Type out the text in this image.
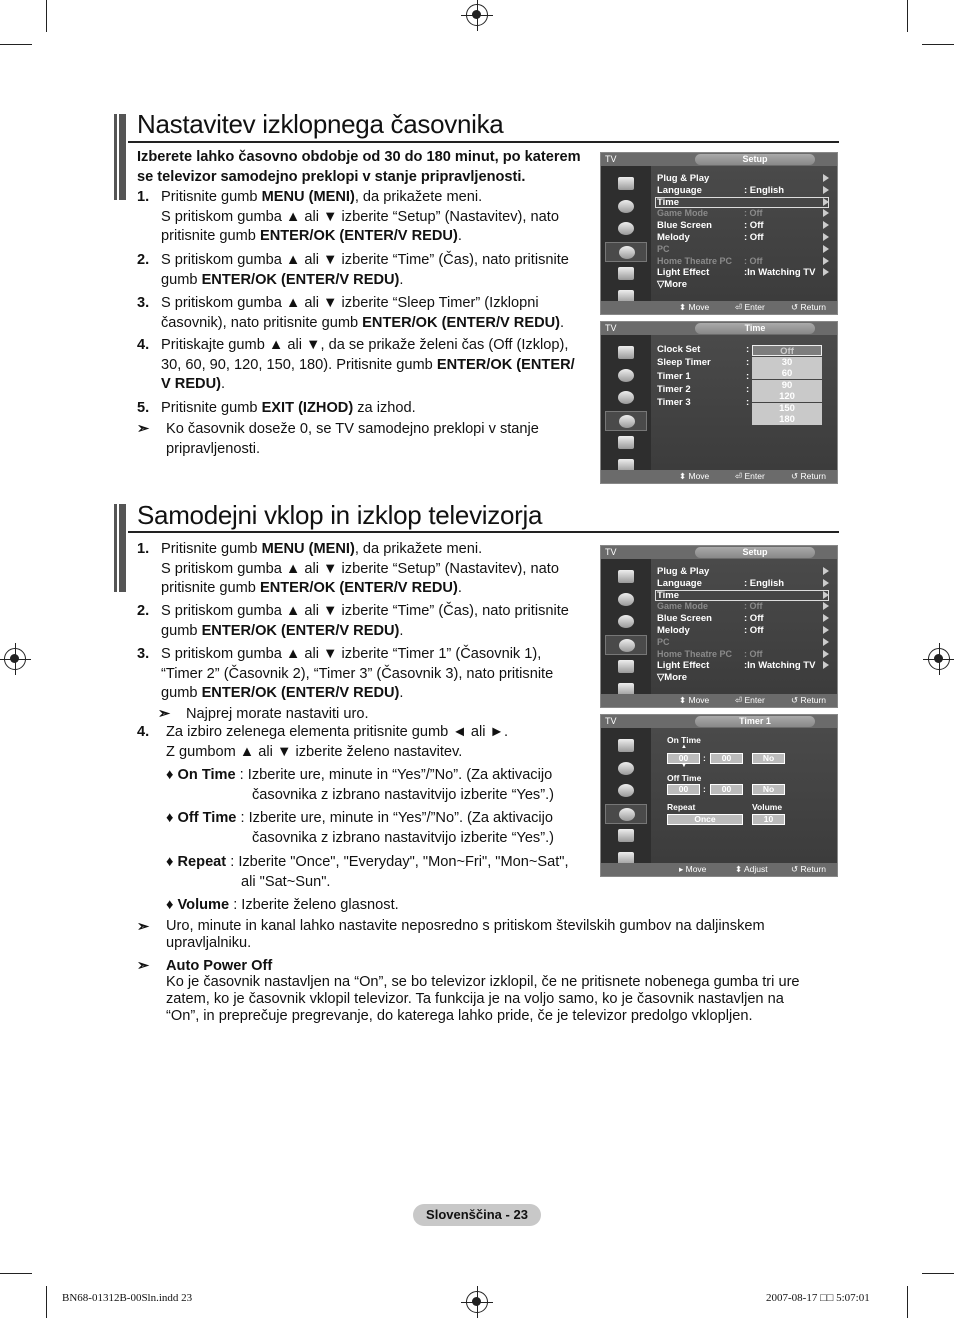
Nastavitev izklopnega časovnika
Izberete lahko časovno obdobje od 30 do 180 minut, po katerem se televizor samodejno preklopi v stanje pripravljenosti.
1. Pritisnite gumb MENU (MENI), da prikažete meni.
S pritiskom gumba ▲ ali ▼ izberite “Setup” (Nastavitev), nato
pritisnite gumb ENTER/OK (ENTER/V REDU).
2. S pritiskom gumba ▲ ali ▼ izberite “Time” (Čas), nato pritisnite
gumb ENTER/OK (ENTER/V REDU).
3. S pritiskom gumba ▲ ali ▼ izberite “Sleep Timer” (Izklopni
časovnik), nato pritisnite gumb ENTER/OK (ENTER/V REDU).
4. Pritiskajte gumb ▲ ali ▼, da se prikaže želeni čas (Off (Izklop),
30, 60, 90, 120, 150, 180). Pritisnite gumb ENTER/OK (ENTER/
V REDU).
5. Pritisnite gumb EXIT (IZHOD) za izhod.
➣ Ko časovnik doseže 0, se TV samodejno preklopi v stanje
pripravljenosti.
Samodejni vklop in izklop televizorja
1. Pritisnite gumb MENU (MENI), da prikažete meni.
S pritiskom gumba ▲ ali ▼ izberite “Setup” (Nastavitev), nato
pritisnite gumb ENTER/OK (ENTER/V REDU).
2. S pritiskom gumba ▲ ali ▼ izberite “Time” (Čas), nato pritisnite
gumb ENTER/OK (ENTER/V REDU).
3. S pritiskom gumba ▲ ali ▼ izberite “Timer 1” (Časovnik 1),
“Timer 2” (Časovnik 2), “Timer 3” (Časovnik 3), nato pritisnite
gumb ENTER/OK (ENTER/V REDU).
➣ Najprej morate nastaviti uro.
4. Za izbiro zelenega elementa pritisnite gumb ◄ ali ►.
Z gumbom ▲ ali ▼ izberite želeno nastavitev.
♦ On Time : Izberite ure, minute in “Yes”/”No”. (Za aktivacijo
časovnika z izbrano nastavitvijo izberite “Yes”.)
♦ Off Time : Izberite ure, minute in “Yes”/”No”. (Za aktivacijo
časovnika z izbrano nastavitvijo izberite “Yes”.)
♦ Repeat : Izberite "Once", "Everyday", "Mon~Fri", "Mon~Sat",
ali "Sat~Sun".
♦ Volume : Izberite želeno glasnost.
➣ Uro, minute in kanal lahko nastavite neposredno s pritiskom številskih gumbov na daljinskem
upravljalniku.
➣ Auto Power Off
Ko je časovnik nastavljen na “On”, se bo televizor izklopil, če ne pritisnete nobenega gumba tri ure
zatem, ko je časovnik vklopil televizor. Ta funkcija je na voljo samo, ko je časovnik nastavljen na
“On”, in preprečuje pregrevanje, do katerega lahko pride, če je televizor predolgo vklopljen.
TV	Setup
Plug & Play
Language	: English
Time
Game Mode	: Off
Blue Screen	: Off
Melody	: Off
PC
Home Theatre PC : Off
Light Effect	:In Watching TV
▽More
⬍ Move	⏎ Enter	↺ Return
TV	Time
Clock Set	:
Sleep Timer	:
Timer 1	:
Timer 2	:
Timer 3	:
Off
30
60
90
120
150
180
⬍ Move	⏎ Enter	↺ Return
TV	Setup
Plug & Play
Language	: English
Time
Game Mode	: Off
Blue Screen	: Off
Melody	: Off
PC
Home Theatre PC : Off
Light Effect	:In Watching TV
▽More
⬍ Move	⏎ Enter	↺ Return
TV	Timer 1
On Time
▲
00	:	00	No
▼
Off Time
00	:	00	No
Repeat	Volume
Once	10
▸ Move	⬍ Adjust	↺ Return
Slovenščina - 23
BN68-01312B-00Sln.indd 23	2007-08-17 □□ 5:07:01
